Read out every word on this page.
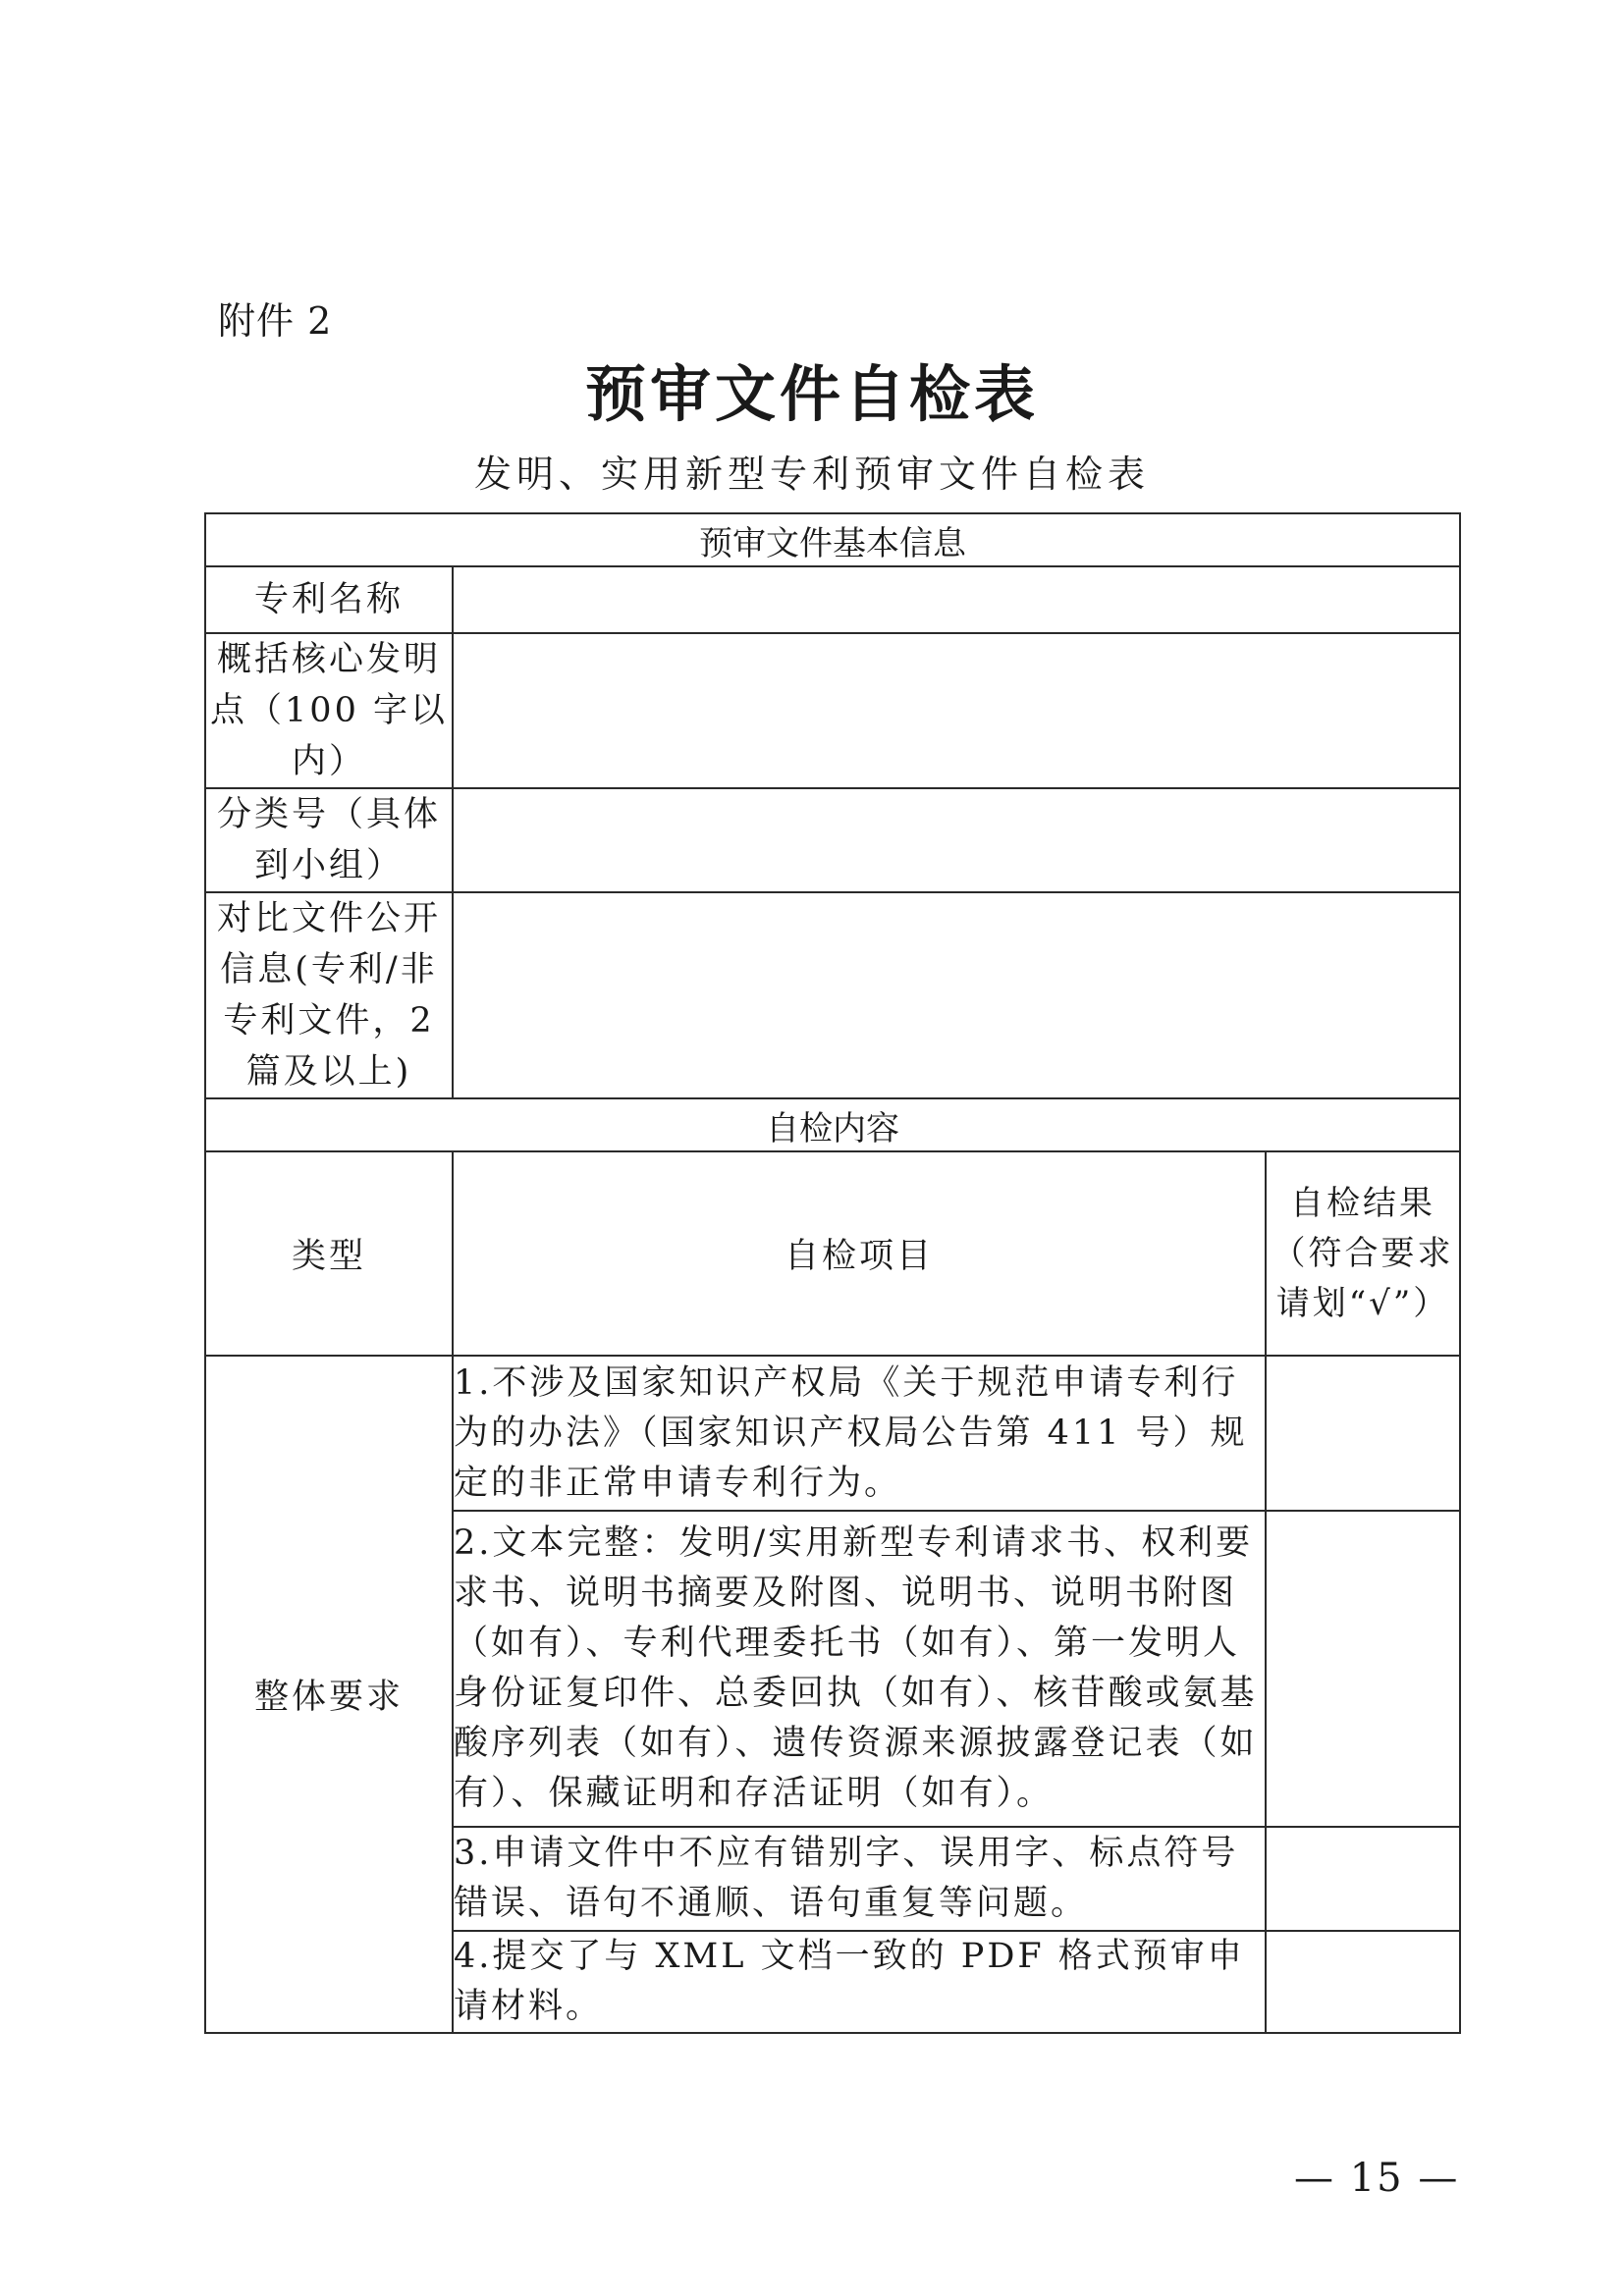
附件 2
预审文件自检表
发明、实用新型专利预审文件自检表
预审文件基本信息		
专利名称		
概括核心发明点（100 字以内）		
分类号（具体到小组）		
对比文件公开信息(专利/非专利文件，2 篇及以上)		
自检内容		
类型	自检项目	自检结果（符合要求请划“√”）
整体要求	1.不涉及国家知识产权局《关于规范申请专利行为的办法》（国家知识产权局公告第 411 号）规定的非正常申请专利行为。	
	2.文本完整：发明/实用新型专利请求书、权利要求书、说明书摘要及附图、说明书、说明书附图（如有）、专利代理委托书（如有）、第一发明人身份证复印件、总委回执（如有）、核苷酸或氨基酸序列表（如有）、遗传资源来源披露登记表（如有）、保藏证明和存活证明（如有）。	
	3.申请文件中不应有错别字、误用字、标点符号错误、语句不通顺、语句重复等问题。	
	4.提交了与 XML 文档一致的 PDF 格式预审申请材料。	
— 15 —
